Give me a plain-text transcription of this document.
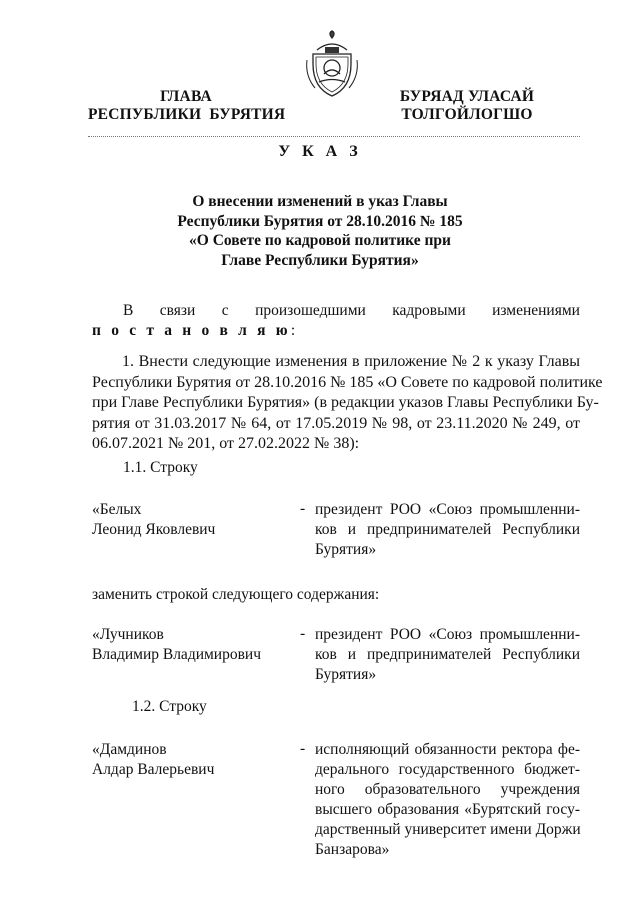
ГЛАВА
РЕСПУБЛИКИ  БУРЯТИЯ
БУРЯАД УЛАСАЙ
ТОЛГОЙЛОГШО
У К А З
О внесении изменений в указ Главы
Республики Бурятия от 28.10.2016 № 185
«О Совете по кадровой политике при
Главе Республики Бурятия»
В связи с произошедшими кадровыми изменениями
п о с т а н о в л я ю:
1. Внести следующие изменения в приложение № 2 к указу Главы
Республики Бурятия от 28.10.2016 № 185 «О Совете по кадровой политике
при Главе Республики Бурятия» (в редакции указов Главы Республики Бу-
рятия от 31.03.2017 № 64, от 17.05.2019 № 98, от 23.11.2020 № 249, от
06.07.2021 № 201, от 27.02.2022 № 38):
1.1. Строку
«Белых
Леонид Яковлевич
- президент РОО «Союз промышленни-
ков и предпринимателей Республики
Бурятия»
заменить строкой следующего содержания:
«Лучников
Владимир Владимирович
- президент РОО «Союз промышленни-
ков и предпринимателей Республики
Бурятия»
1.2. Строку
«Дамдинов
Алдар Валерьевич
- исполняющий обязанности ректора фе-
дерального государственного бюджет-
ного образовательного учреждения
высшего образования «Бурятский госу-
дарственный университет имени Доржи
Банзарова»
